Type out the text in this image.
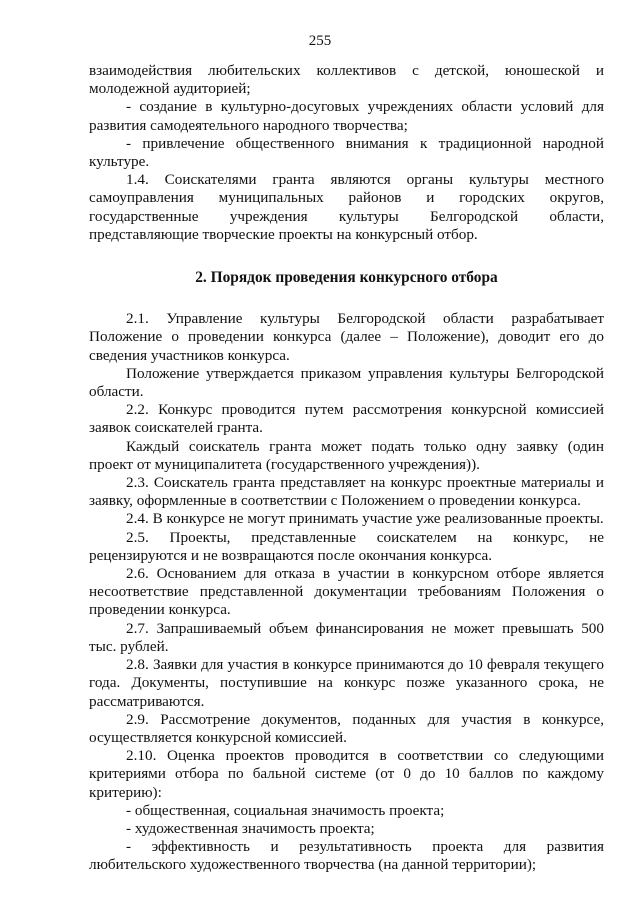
255

взаимодействия любительских коллективов с детской, юношеской и молодежной аудиторией;

- создание в культурно-досуговых учреждениях области условий для развития самодеятельного народного творчества;

- привлечение общественного внимания к традиционной народной культуре.

1.4. Соискателями гранта являются органы культуры местного самоуправления муниципальных районов и городских округов, государственные учреждения культуры Белгородской области, представляющие творческие проекты на конкурсный отбор.

2. Порядок проведения конкурсного отбора

2.1. Управление культуры Белгородской области разрабатывает Положение о проведении конкурса (далее – Положение), доводит его до сведения участников конкурса.

Положение утверждается приказом управления культуры Белгородской области.

2.2. Конкурс проводится путем рассмотрения конкурсной комиссией заявок соискателей гранта.

Каждый соискатель гранта может подать только одну заявку (один проект от муниципалитета (государственного учреждения)).

2.3. Соискатель гранта представляет на конкурс проектные материалы и заявку, оформленные в соответствии с Положением о проведении конкурса.

2.4. В конкурсе не могут принимать участие уже реализованные проекты.

2.5. Проекты, представленные соискателем на конкурс, не рецензируются и не возвращаются после окончания конкурса.

2.6. Основанием для отказа в участии в конкурсном отборе является несоответствие представленной документации требованиям Положения о проведении конкурса.

2.7. Запрашиваемый объем финансирования не может превышать 500 тыс. рублей.

2.8. Заявки для участия в конкурсе принимаются до 10 февраля текущего года. Документы, поступившие на конкурс позже указанного срока, не рассматриваются.

2.9. Рассмотрение документов, поданных для участия в конкурсе, осуществляется конкурсной комиссией.

2.10. Оценка проектов проводится в соответствии со следующими критериями отбора по бальной системе (от 0 до 10 баллов по каждому критерию):

- общественная, социальная значимость проекта;

- художественная значимость проекта;

- эффективность и результативность проекта для развития любительского художественного творчества (на данной территории);
